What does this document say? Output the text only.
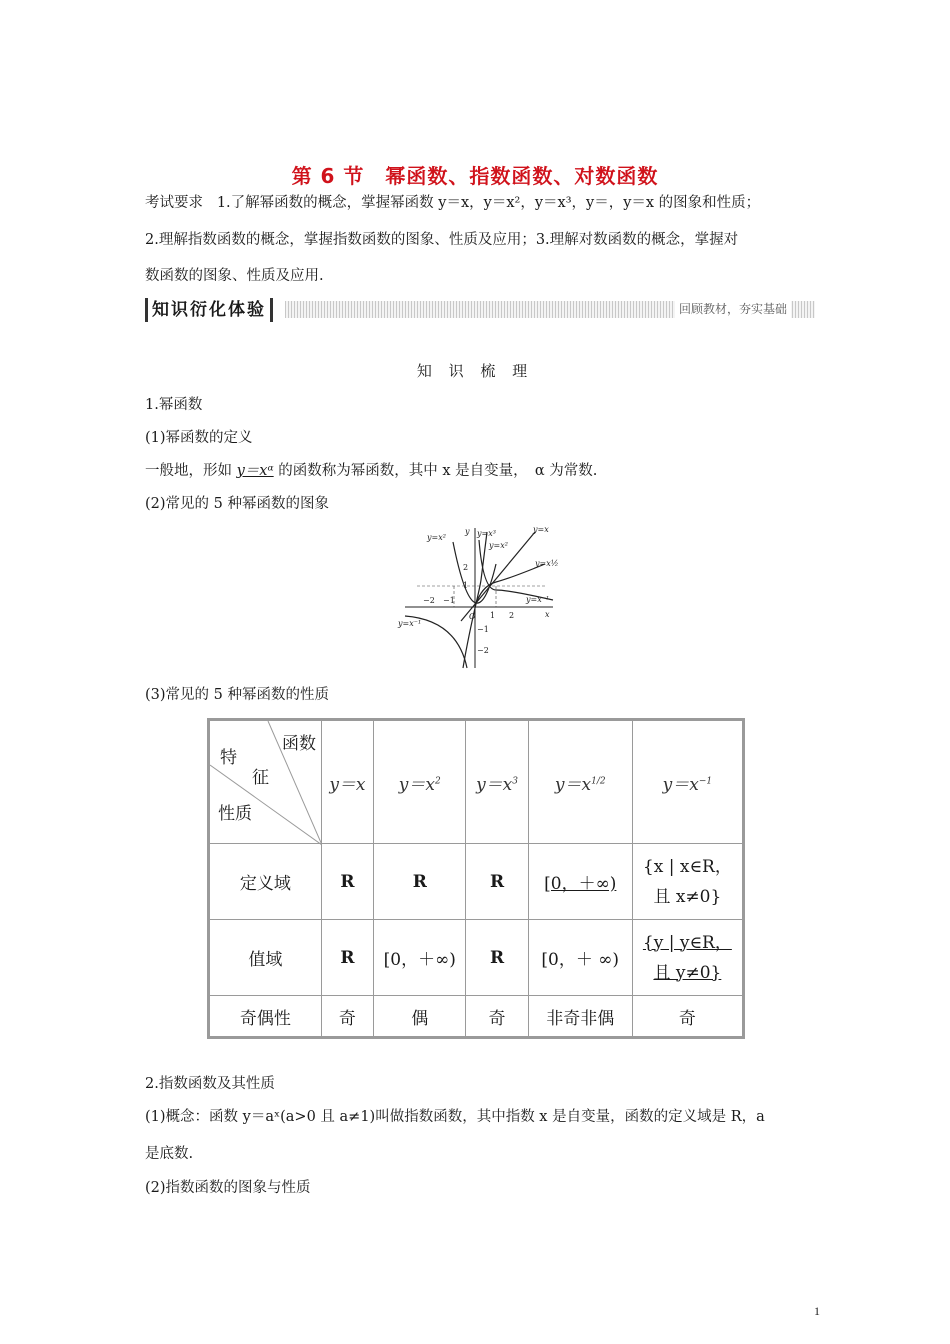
第 6 节　幂函数、指数函数、对数函数
考试要求 1.了解幂函数的概念，掌握幂函数 y＝x，y＝x²，y＝x³，y＝，y＝x 的图象和性质；
2.理解指数函数的概念，掌握指数函数的图象、性质及应用；3.理解对数函数的概念，掌握对
数函数的图象、性质及应用.
知识衍化体验	回顾教材，夯实基础
知 识 梳 理
1.幂函数
(1)幂函数的定义
一般地，形如 y＝xᵅ 的函数称为幂函数，其中 x 是自变量，　α 为常数.
(2)常见的 5 种幂函数的图象
y=x²	y=x³	y=x
y=x²
y=x½
y=x⁻¹
y=x⁻¹
y
x
O
−2 −1
1 2
2
1
−1
−2
(3)常见的 5 种幂函数的性质
函数
特
征
性质	y＝x	$y=x^2$	$y=x^3$	$y=x^{1/2}$	$y=x^{-1}$
定义域	R	R	R	[0，＋∞)	{x | x∈R，
且 x≠0}

值域	R	[0，＋∞)	R	[0，＋ ∞)	{y | y∈R，
且 y≠0}

奇偶性	奇	偶	奇	非奇非偶	奇
2.指数函数及其性质
(1)概念：函数 y＝aˣ(a>0 且 a≠1)叫做指数函数，其中指数 x 是自变量，函数的定义域是 R，a
是底数.
(2)指数函数的图象与性质
1
